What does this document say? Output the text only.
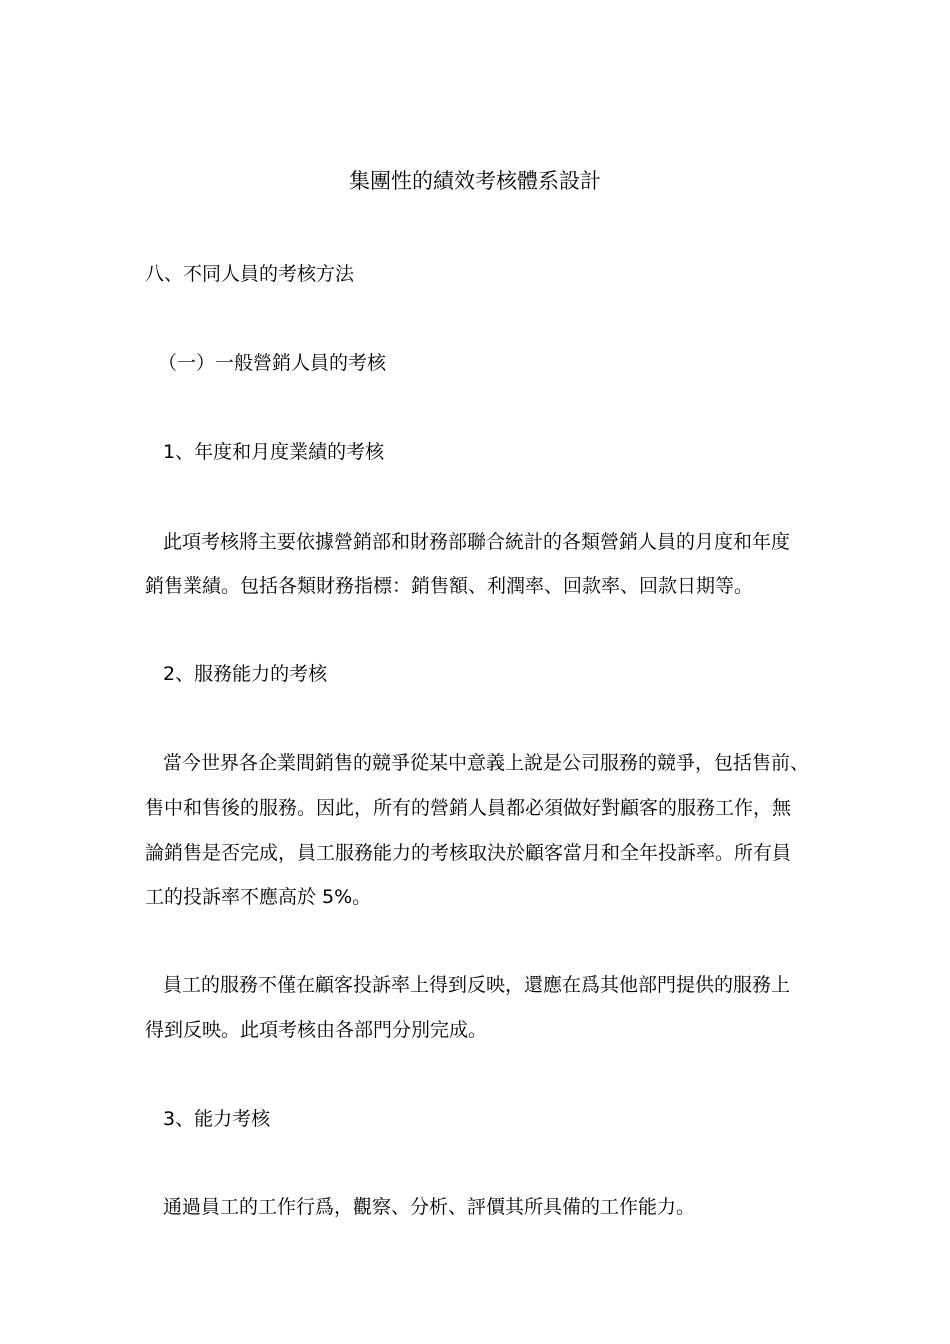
集團性的績效考核體系設計
八、不同人員的考核方法
（一）一般營銷人員的考核
1、年度和月度業績的考核
此項考核將主要依據營銷部和財務部聯合統計的各類營銷人員的月度和年度
銷售業績。包括各類財務指標：銷售額、利潤率、回款率、回款日期等。
2、服務能力的考核
當今世界各企業間銷售的競爭從某中意義上說是公司服務的競爭，包括售前、
售中和售後的服務。因此，所有的營銷人員都必須做好對顧客的服務工作，無
論銷售是否完成，員工服務能力的考核取決於顧客當月和全年投訴率。所有員
工的投訴率不應高於 5%。
員工的服務不僅在顧客投訴率上得到反映，還應在爲其他部門提供的服務上
得到反映。此項考核由各部門分別完成。
3、能力考核
通過員工的工作行爲，觀察、分析、評價其所具備的工作能力。
